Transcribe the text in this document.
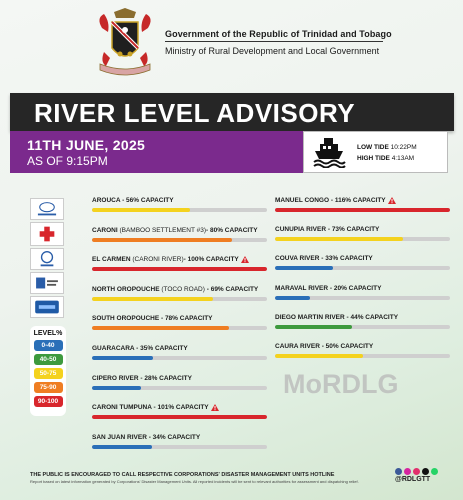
Government of the Republic of Trinidad and Tobago
Ministry of Rural Development and Local Government
RIVER LEVEL ADVISORY
11TH JUNE, 2025
AS OF 9:15PM
LOW TIDE 10:22PM
HIGH TIDE 4:13AM
LEVEL%
0-40
40-50
50-75
75-90
90-100
AROUCA - 56% CAPACITY
CARONI (BAMBOO SETTLEMENT #3)- 80% CAPACITY
EL CARMEN (CARONI RIVER)- 100% CAPACITY
NORTH OROPOUCHE (TOCO ROAD) - 69% CAPACITY
SOUTH OROPOUCHE - 78% CAPACITY
GUARACARA - 35% CAPACITY
CIPERO RIVER - 28% CAPACITY
CARONI TUMPUNA - 101% CAPACITY
SAN JUAN RIVER - 34% CAPACITY
MANUEL CONGO - 116% CAPACITY
CUNUPIA RIVER - 73% CAPACITY
COUVA RIVER - 33% CAPACITY
MARAVAL RIVER - 20% CAPACITY
DIEGO MARTIN RIVER - 44% CAPACITY
CAURA RIVER - 50% CAPACITY
MoRDLG
THE PUBLIC IS ENCOURAGED TO CALL RESPECTIVE CORPORATIONS' DISASTER MANAGEMENT UNITS HOTLINE
Report based on latest information generated by Corporations' Disaster Management Units. All reported incidents will be sent to relevant authorities for assessment and dispatching relief.	@RDLGTT
